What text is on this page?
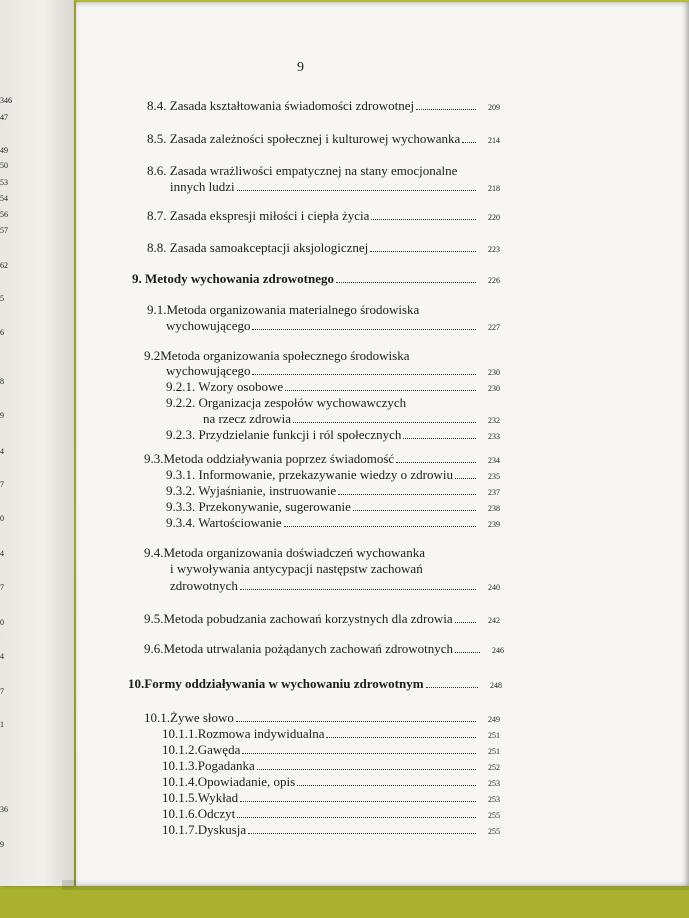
346
47
49
50
53
54
56
57
62
5
6
8
9
4
7
0
4
7
0
4
7
1
36
9
9
8.4. Zasada kształtowania świadomości zdrowotnej	209
8.5. Zasada zależności społecznej i kulturowej wychowanka	214
8.6. Zasada wrażliwości empatycznej na stany emocjonalne
innych ludzi	218
8.7. Zasada ekspresji miłości i ciepła życia	220
8.8. Zasada samoakceptacji aksjologicznej	223
9. Metody wychowania zdrowotnego	226
9.1.Metoda organizowania materialnego środowiska
wychowującego	227
9.2Metoda organizowania społecznego środowiska
wychowującego	230
9.2.1. Wzory osobowe	230
9.2.2. Organizacja zespołów wychowawczych
na rzecz zdrowia	232
9.2.3. Przydzielanie funkcji i ról społecznych	233
9.3.Metoda oddziaływania poprzez świadomość	234
9.3.1. Informowanie, przekazywanie wiedzy o zdrowiu	235
9.3.2. Wyjaśnianie, instruowanie	237
9.3.3. Przekonywanie, sugerowanie	238
9.3.4. Wartościowanie	239
9.4.Metoda organizowania doświadczeń wychowanka
i wywoływania antycypacji następstw zachowań
zdrowotnych	240
9.5.Metoda pobudzania zachowań korzystnych dla zdrowia	242
9.6.Metoda utrwalania pożądanych zachowań zdrowotnych	246
10.Formy oddziaływania w wychowaniu zdrowotnym	248
10.1.Żywe słowo	249
10.1.1.Rozmowa indywidualna	251
10.1.2.Gawęda	251
10.1.3.Pogadanka	252
10.1.4.Opowiadanie, opis	253
10.1.5.Wykład	253
10.1.6.Odczyt	255
10.1.7.Dyskusja	255
